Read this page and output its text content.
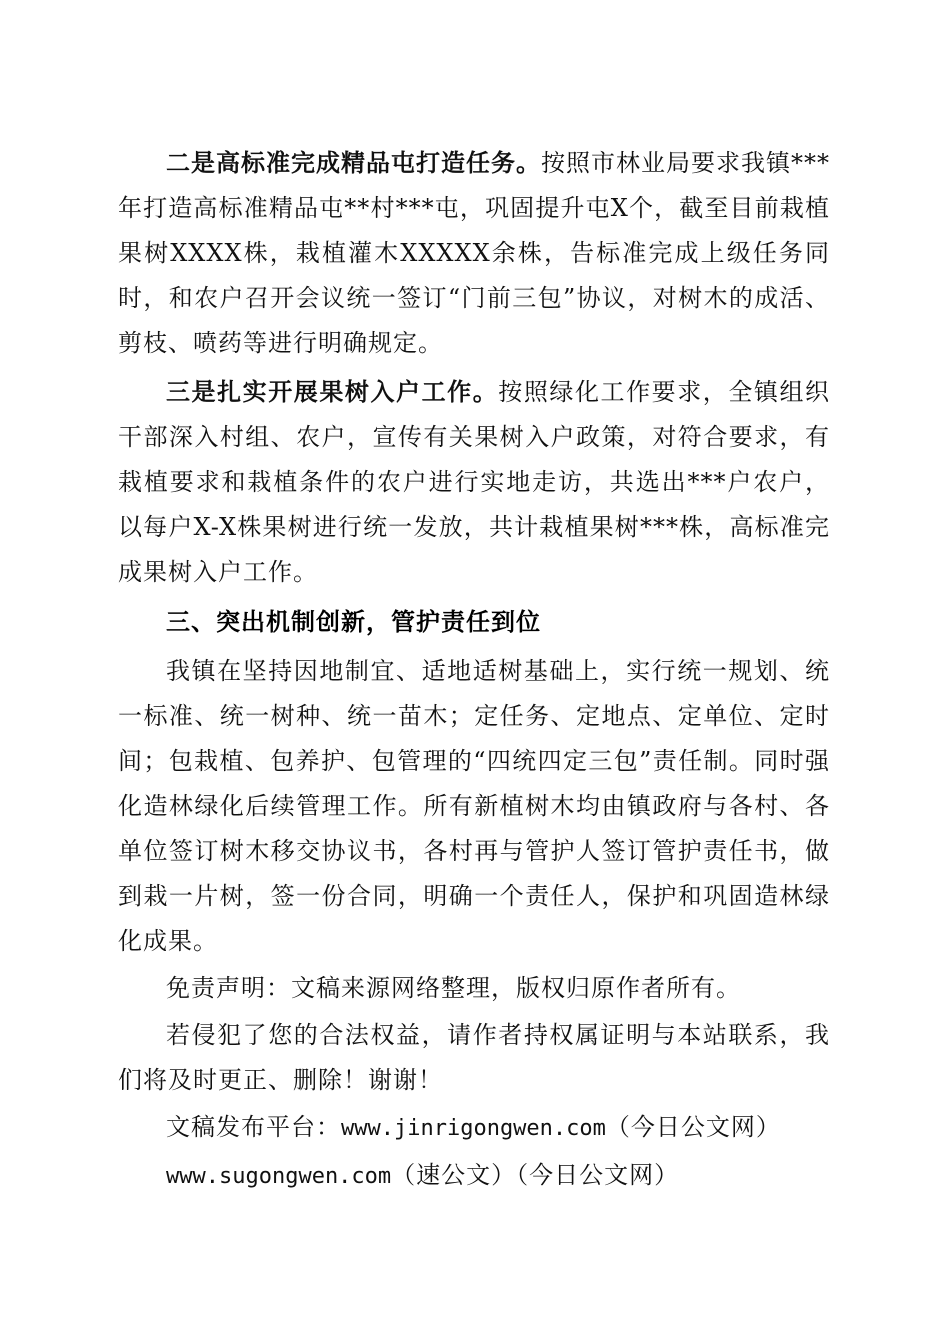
二是高标准完成精品屯打造任务。按照市林业局要求我镇***年打造高标准精品屯**村***屯，巩固提升屯X个，截至目前栽植果树XXXX株，栽植灌木XXXXX余株，告标准完成上级任务同时，和农户召开会议统一签订“门前三包”协议，对树木的成活、剪枝、喷药等进行明确规定。

三是扎实开展果树入户工作。按照绿化工作要求，全镇组织干部深入村组、农户，宣传有关果树入户政策，对符合要求，有栽植要求和栽植条件的农户进行实地走访，共选出***户农户，以每户X-X株果树进行统一发放，共计栽植果树***株，高标准完成果树入户工作。

三、突出机制创新，管护责任到位

我镇在坚持因地制宜、适地适树基础上，实行统一规划、统一标准、统一树种、统一苗木；定任务、定地点、定单位、定时间；包栽植、包养护、包管理的“四统四定三包”责任制。同时强化造林绿化后续管理工作。所有新植树木均由镇政府与各村、各单位签订树木移交协议书，各村再与管护人签订管护责任书，做到栽一片树，签一份合同，明确一个责任人，保护和巩固造林绿化成果。

免责声明：文稿来源网络整理，版权归原作者所有。

若侵犯了您的合法权益，请作者持权属证明与本站联系，我们将及时更正、删除！谢谢！

文稿发布平台：www.jinrigongwen.com（今日公文网）

www.sugongwen.com（速公文）（今日公文网）
